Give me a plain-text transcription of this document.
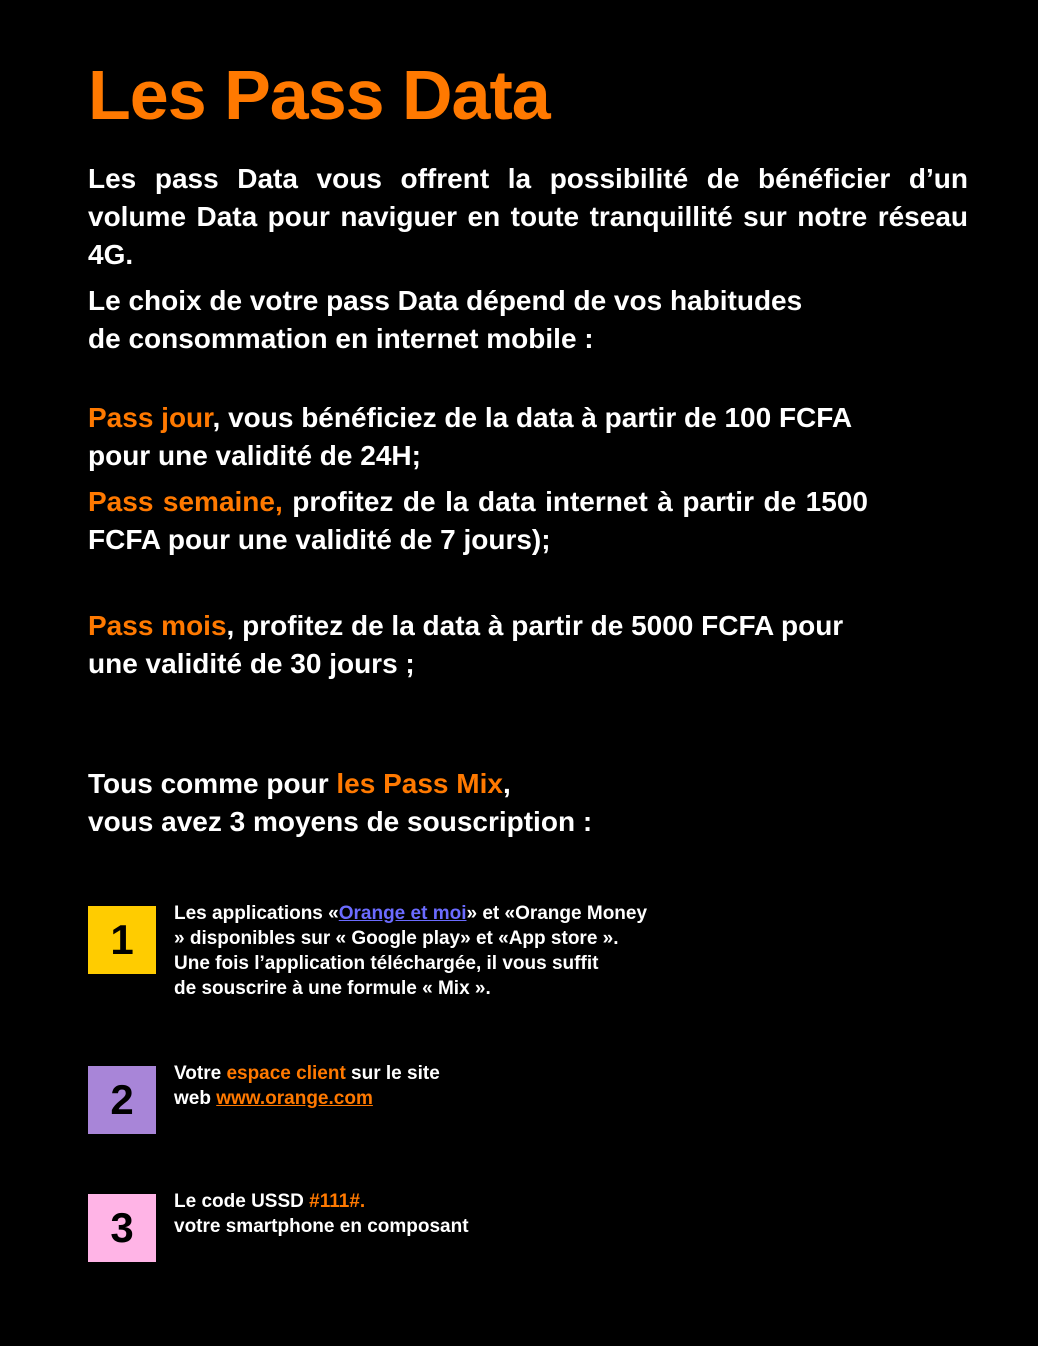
Les Pass Data

Les pass Data vous offrent la possibilité de bénéficier d’un volume Data pour naviguer en toute tranquillité sur notre réseau 4G.

Le choix de votre pass Data dépend de vos habitudes
de consommation en internet mobile :

Pass jour, vous bénéficiez de la data à partir de 100 FCFA
pour une validité de 24H;

Pass semaine, profitez de la data internet à partir de 1500 FCFA pour une validité de 7 jours);

Pass mois, profitez de la data à partir de 5000 FCFA pour
une validité de 30 jours ;

Tous comme pour les Pass Mix,
vous avez 3 moyens de souscription :

1
Les applications «Orange et moi» et «Orange Money
» disponibles sur « Google play» et «App store ».
Une fois l’application téléchargée, il vous suffit
de souscrire à une formule « Mix ».
2
Votre espace client sur le site
web www.orange.com
3
Le code USSD #111#.
votre smartphone en composant
